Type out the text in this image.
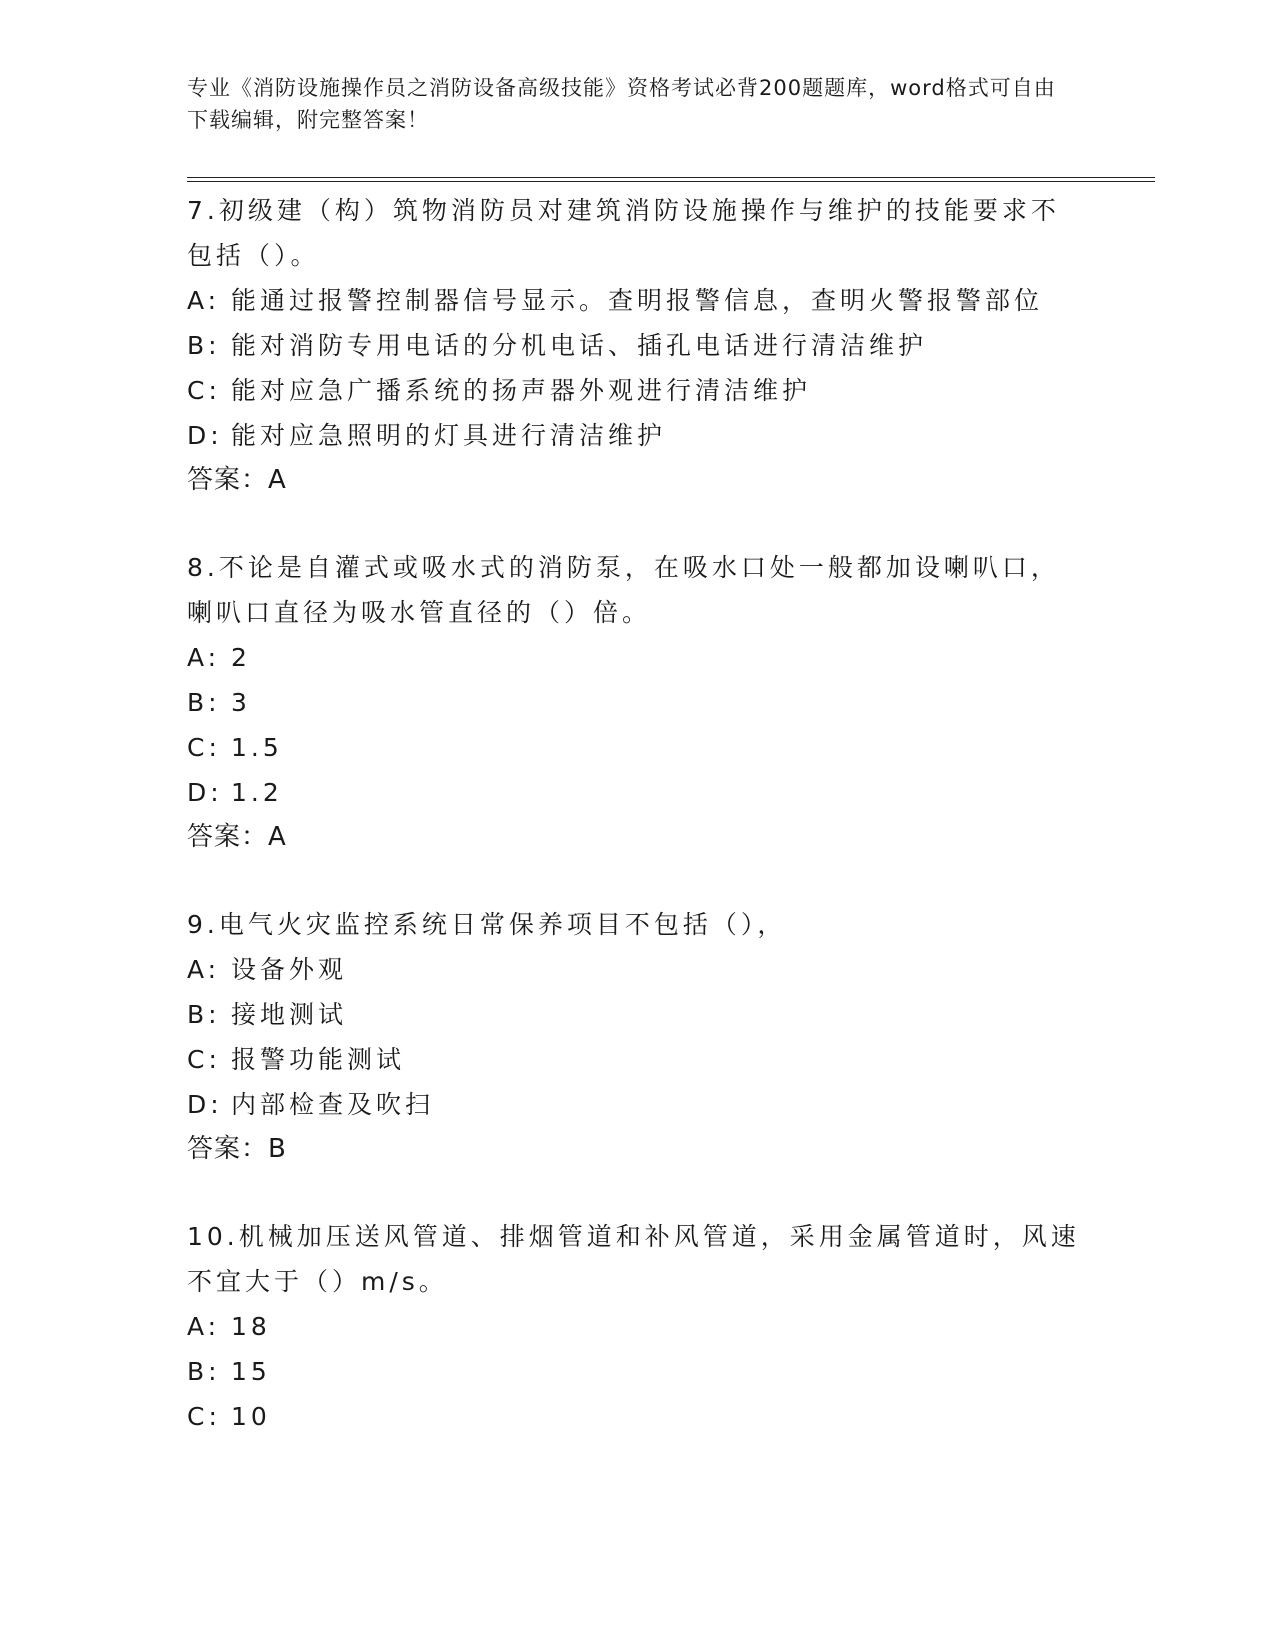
专业《消防设施操作员之消防设备高级技能》资格考试必背200题题库，word格式可自由下载编辑，附完整答案！
7.初级建（构）筑物消防员对建筑消防设施操作与维护的技能要求不包括（）。
A: 能通过报警控制器信号显示。查明报警信息，查明火警报警部位
B: 能对消防专用电话的分机电话、插孔电话进行清洁维护
C: 能对应急广播系统的扬声器外观进行清洁维护
D: 能对应急照明的灯具进行清洁维护
答案：A
8.不论是自灌式或吸水式的消防泵，在吸水口处一般都加设喇叭口，喇叭口直径为吸水管直径的（）倍。
A: 2
B: 3
C: 1.5
D: 1.2
答案：A
9.电气火灾监控系统日常保养项目不包括（），
A: 设备外观
B: 接地测试
C: 报警功能测试
D: 内部检查及吹扫
答案：B
10.机械加压送风管道、排烟管道和补风管道，采用金属管道时，风速不宜大于（）m/s。
A: 18
B: 15
C: 10
